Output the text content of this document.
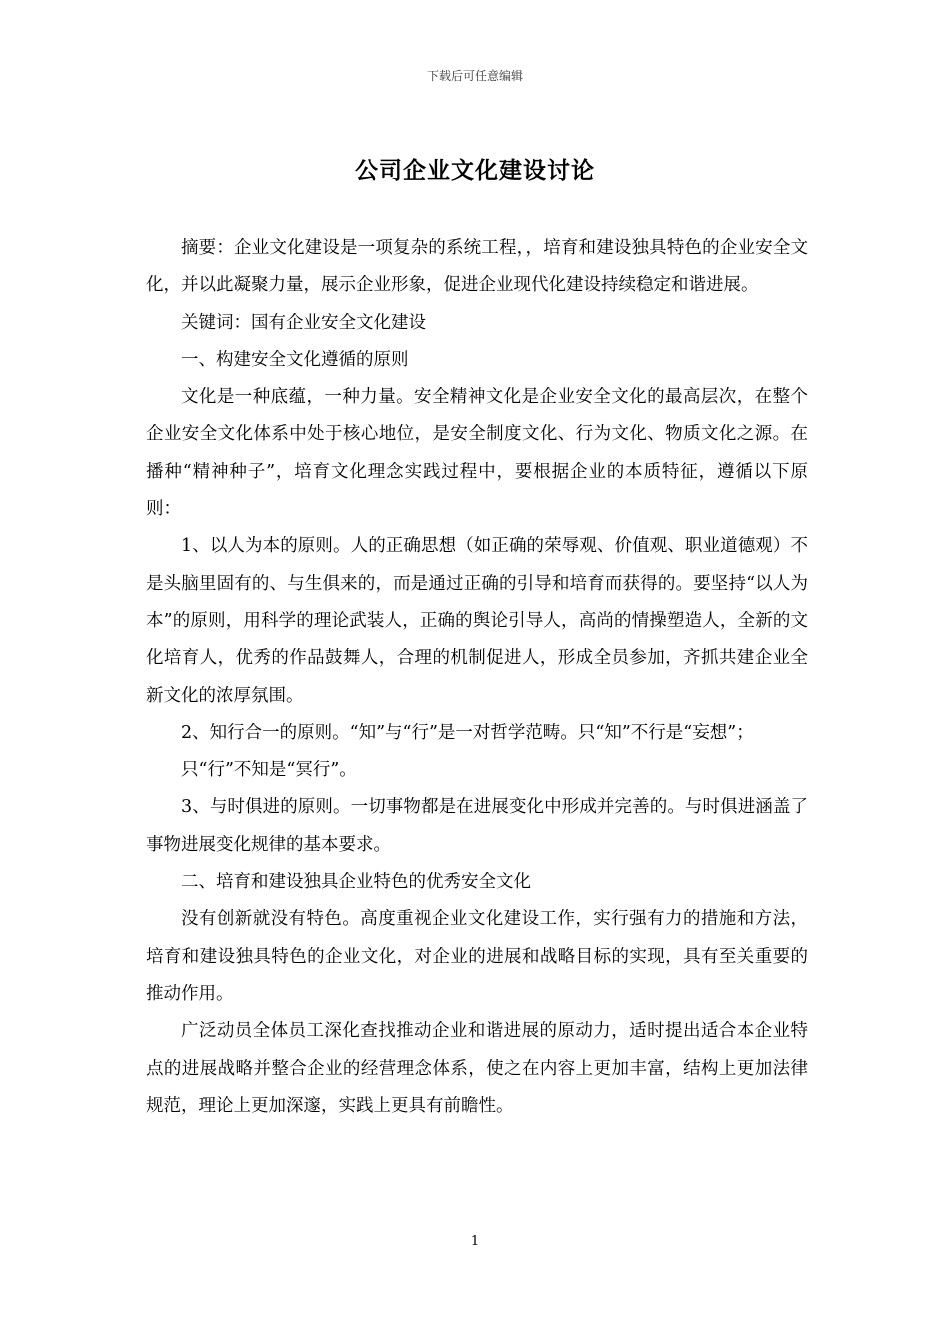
下载后可任意编辑
公司企业文化建设讨论

摘要：企业文化建设是一项复杂的系统工程，，培育和建设独具特色的企业安全文化，并以此凝聚力量，展示企业形象，促进企业现代化建设持续稳定和谐进展。

关键词：国有企业安全文化建设

一、构建安全文化遵循的原则

文化是一种底蕴，一种力量。安全精神文化是企业安全文化的最高层次，在整个企业安全文化体系中处于核心地位，是安全制度文化、行为文化、物质文化之源。在播种“精神种子”，培育文化理念实践过程中，要根据企业的本质特征，遵循以下原则：

1、以人为本的原则。人的正确思想（如正确的荣辱观、价值观、职业道德观）不是头脑里固有的、与生俱来的，而是通过正确的引导和培育而获得的。要坚持“以人为本”的原则，用科学的理论武装人，正确的舆论引导人，高尚的情操塑造人，全新的文化培育人，优秀的作品鼓舞人，合理的机制促进人，形成全员参加，齐抓共建企业全新文化的浓厚氛围。

2、知行合一的原则。“知”与“行”是一对哲学范畴。只“知”不行是“妄想”；

只“行”不知是“冥行”。

3、与时俱进的原则。一切事物都是在进展变化中形成并完善的。与时俱进涵盖了事物进展变化规律的基本要求。

二、培育和建设独具企业特色的优秀安全文化

没有创新就没有特色。高度重视企业文化建设工作，实行强有力的措施和方法，培育和建设独具特色的企业文化，对企业的进展和战略目标的实现，具有至关重要的推动作用。

广泛动员全体员工深化查找推动企业和谐进展的原动力，适时提出适合本企业特点的进展战略并整合企业的经营理念体系，使之在内容上更加丰富，结构上更加法律规范，理论上更加深邃，实践上更具有前瞻性。

1
